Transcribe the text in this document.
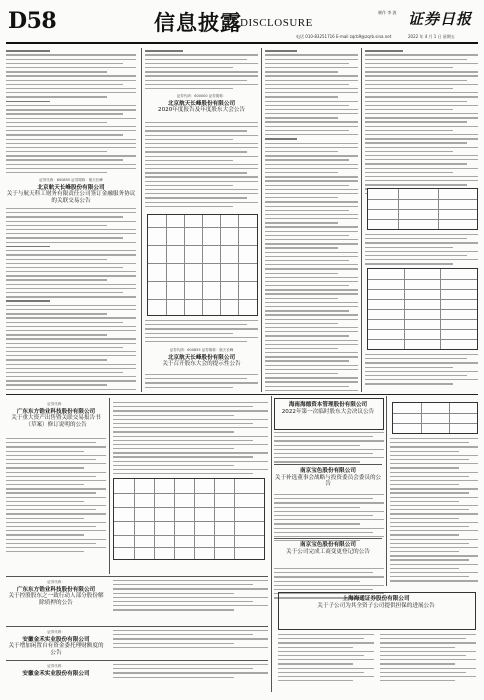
D58	信息披露
DISCLOSURE
制作 李 波 证券日报
电话 010-83251716 E-mail zqrb9@zqrb.sina.net	2022 年 4 月 1 日 星期五
证券代码：600855 证券简称：航天长峰
北京航天长峰股份有限公司
关于与航天科工财务有限责任公司签订金融服务协议的关联交易公告
证券代码：600000 证券简称：
北京航天长峰股份有限公司
2020年度报告及年度股东大会公告
证券代码：600855 证券简称：航天长峰
北京航天长峰股份有限公司
关于召开股东大会的提示性公告
证券代码：
广东东方锆业科技股份有限公司
关于重大资产出售暨关联交易报告书（草案）修订说明的公告
证券代码：
广东东方锆业科技股份有限公司
关于控股股东之一致行动人部分股份解除质押的公告
证券代码：
安徽金禾实业股份有限公司
关于增加闲置自有资金委托理财额度的公告
证券代码：
安徽金禾实业股份有限公司
海南海德资本管理股份有限公司
2022年第一次临时股东大会决议公告
南京宝色股份有限公司
关于补选董事会战略与投资委员会委员的公告
南京宝色股份有限公司
关于公司完成工商变更登记的公告
上海海通证券股份有限公司
关于子公司为其全资子公司提供担保的进展公告
